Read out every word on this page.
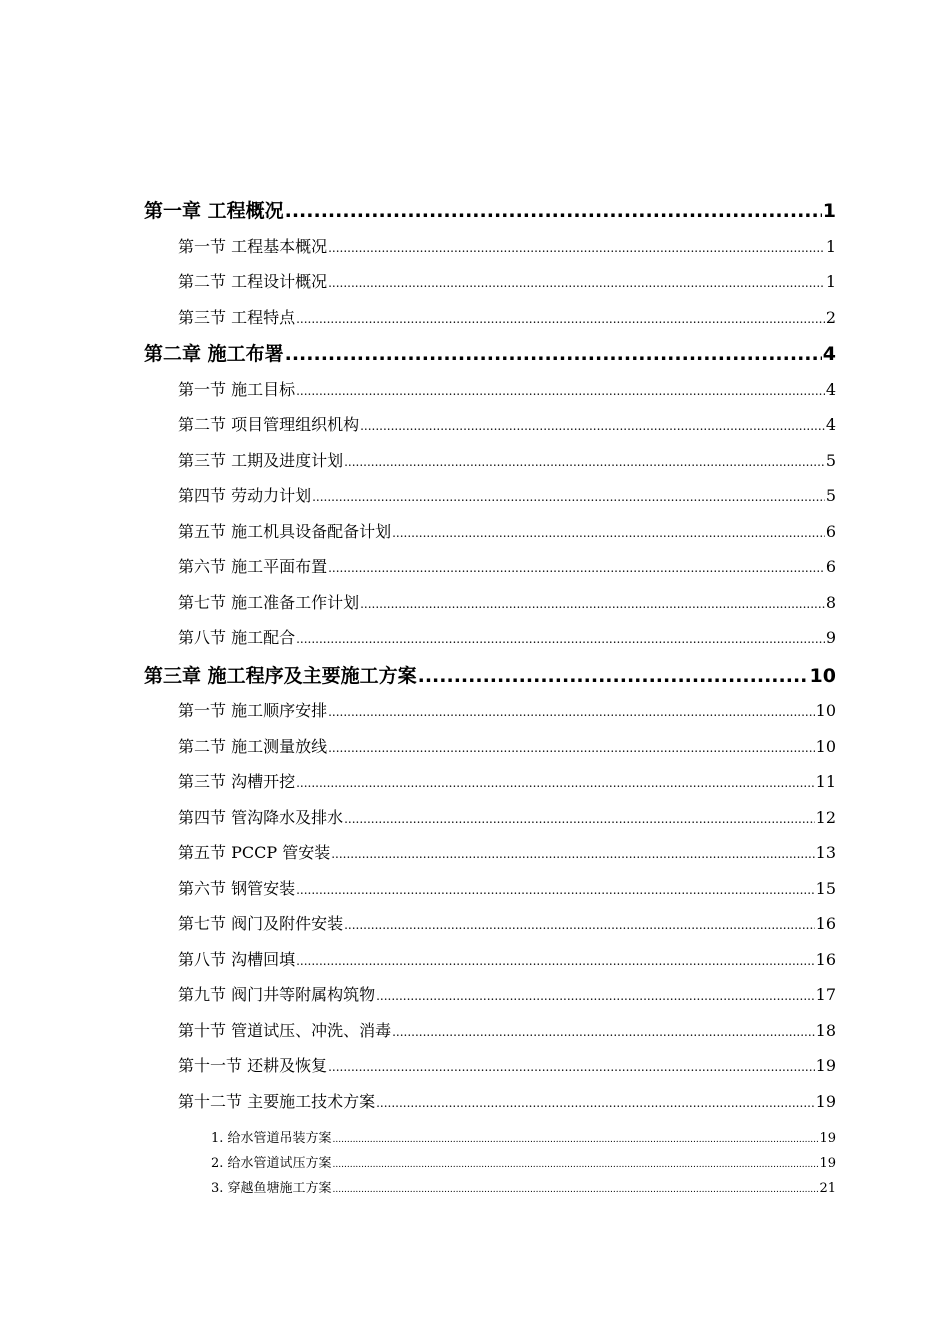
第一章 工程概况 .....	1
第一节 工程基本概况 .....	1
第二节 工程设计概况 .....	1
第三节 工程特点 .....	2
第二章 施工布署 .....	4
第一节 施工目标 .....	4
第二节 项目管理组织机构 .....	4
第三节 工期及进度计划 .....	5
第四节 劳动力计划 .....	5
第五节 施工机具设备配备计划 .....	6
第六节 施工平面布置 .....	6
第七节 施工准备工作计划 .....	8
第八节 施工配合 .....	9
第三章 施工程序及主要施工方案 .....	10
第一节 施工顺序安排 .....	10
第二节 施工测量放线 .....	10
第三节 沟槽开挖 .....	11
第四节 管沟降水及排水 .....	12
第五节 PCCP 管安装 .....	13
第六节 钢管安装 .....	15
第七节 阀门及附件安装 .....	16
第八节 沟槽回填 .....	16
第九节 阀门井等附属构筑物 .....	17
第十节 管道试压、冲洗、消毒 .....	18
第十一节 还耕及恢复 .....	19
第十二节 主要施工技术方案 .....	19
1. 给水管道吊装方案 .....	19
2. 给水管道试压方案 .....	19
3. 穿越鱼塘施工方案 .....	21
